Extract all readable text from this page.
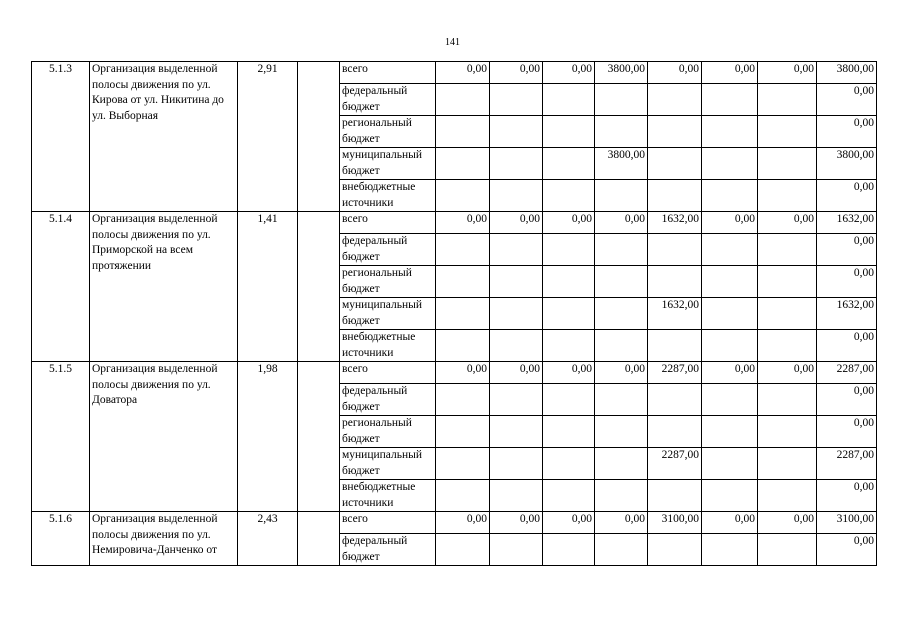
141
5.1.3	Организация выделенной полосы движения по ул. Кирова от ул. Никитина до ул. Выборная	2,91		всего	0,00	0,00	0,00	3800,00	0,00	0,00	0,00	3800,00
				федеральный бюджет								0,00
				региональный бюджет								0,00
				муниципальный бюджет				3800,00				3800,00
				внебюджетные источники								0,00
5.1.4	Организация выделенной полосы движения по ул. Приморской на всем протяжении	1,41		всего	0,00	0,00	0,00	0,00	1632,00	0,00	0,00	1632,00
				федеральный бюджет								0,00
				региональный бюджет								0,00
				муниципальный бюджет					1632,00			1632,00
				внебюджетные источники								0,00
5.1.5	Организация выделенной полосы движения по ул. Доватора	1,98		всего	0,00	0,00	0,00	0,00	2287,00	0,00	0,00	2287,00
				федеральный бюджет								0,00
				региональный бюджет								0,00
				муниципальный бюджет					2287,00			2287,00
				внебюджетные источники								0,00
5.1.6	Организация выделенной полосы движения по ул. Немировича-Данченко от	2,43		всего	0,00	0,00	0,00	0,00	3100,00	0,00	0,00	3100,00
				федеральный бюджет								0,00
